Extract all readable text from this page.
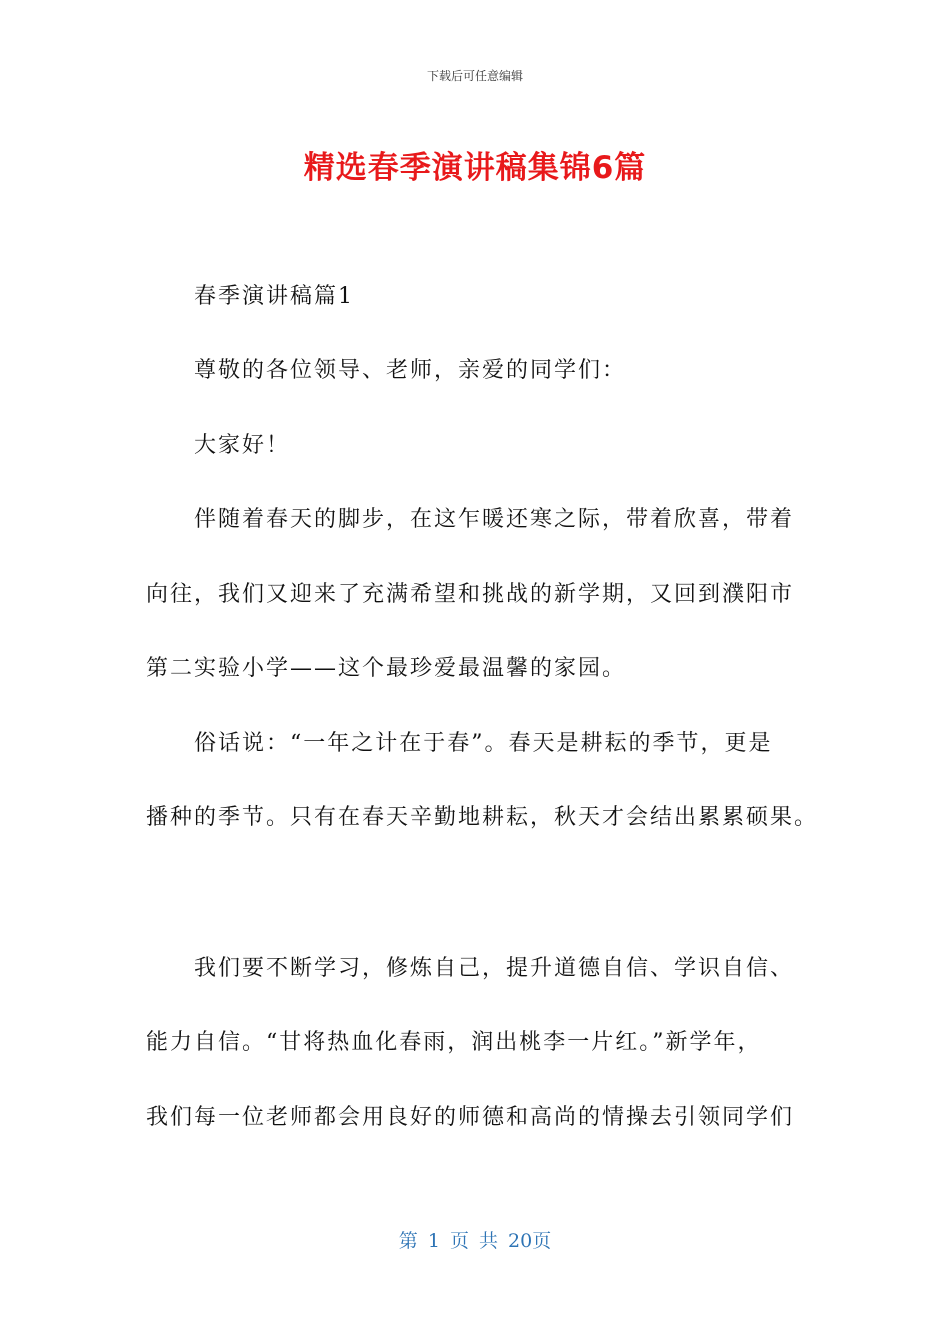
下载后可任意编辑
精选春季演讲稿集锦6篇
春季演讲稿篇1
尊敬的各位领导、老师，亲爱的同学们：
大家好！
伴随着春天的脚步，在这乍暖还寒之际，带着欣喜，带着
向往，我们又迎来了充满希望和挑战的新学期，又回到濮阳市
第二实验小学——这个最珍爱最温馨的家园。
俗话说：“一年之计在于春”。春天是耕耘的季节，更是
播种的季节。只有在春天辛勤地耕耘，秋天才会结出累累硕果。
我们要不断学习，修炼自己，提升道德自信、学识自信、
能力自信。“甘将热血化春雨，润出桃李一片红。”新学年，
我们每一位老师都会用良好的师德和高尚的情操去引领同学们
第 1 页 共 20页
